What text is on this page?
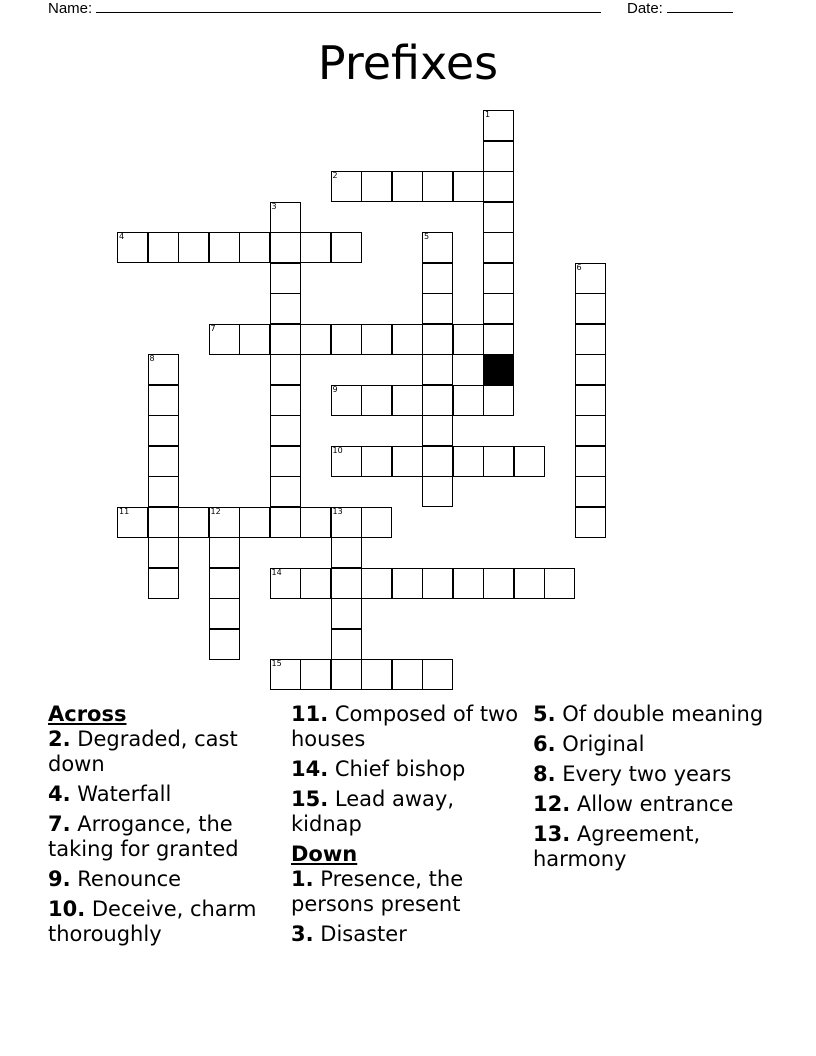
Name:	Date:
Prefixes
1
2
3
4	5
6
7
8
9
10
11	12	13
14
15
Across
2. Degraded, cast down
4. Waterfall
7. Arrogance, the taking for granted
9. Renounce
10. Deceive, charm thoroughly
11. Composed of two houses
14. Chief bishop
15. Lead away, kidnap
Down
1. Presence, the persons present
3. Disaster
5. Of double meaning
6. Original
8. Every two years
12. Allow entrance
13. Agreement, harmony
